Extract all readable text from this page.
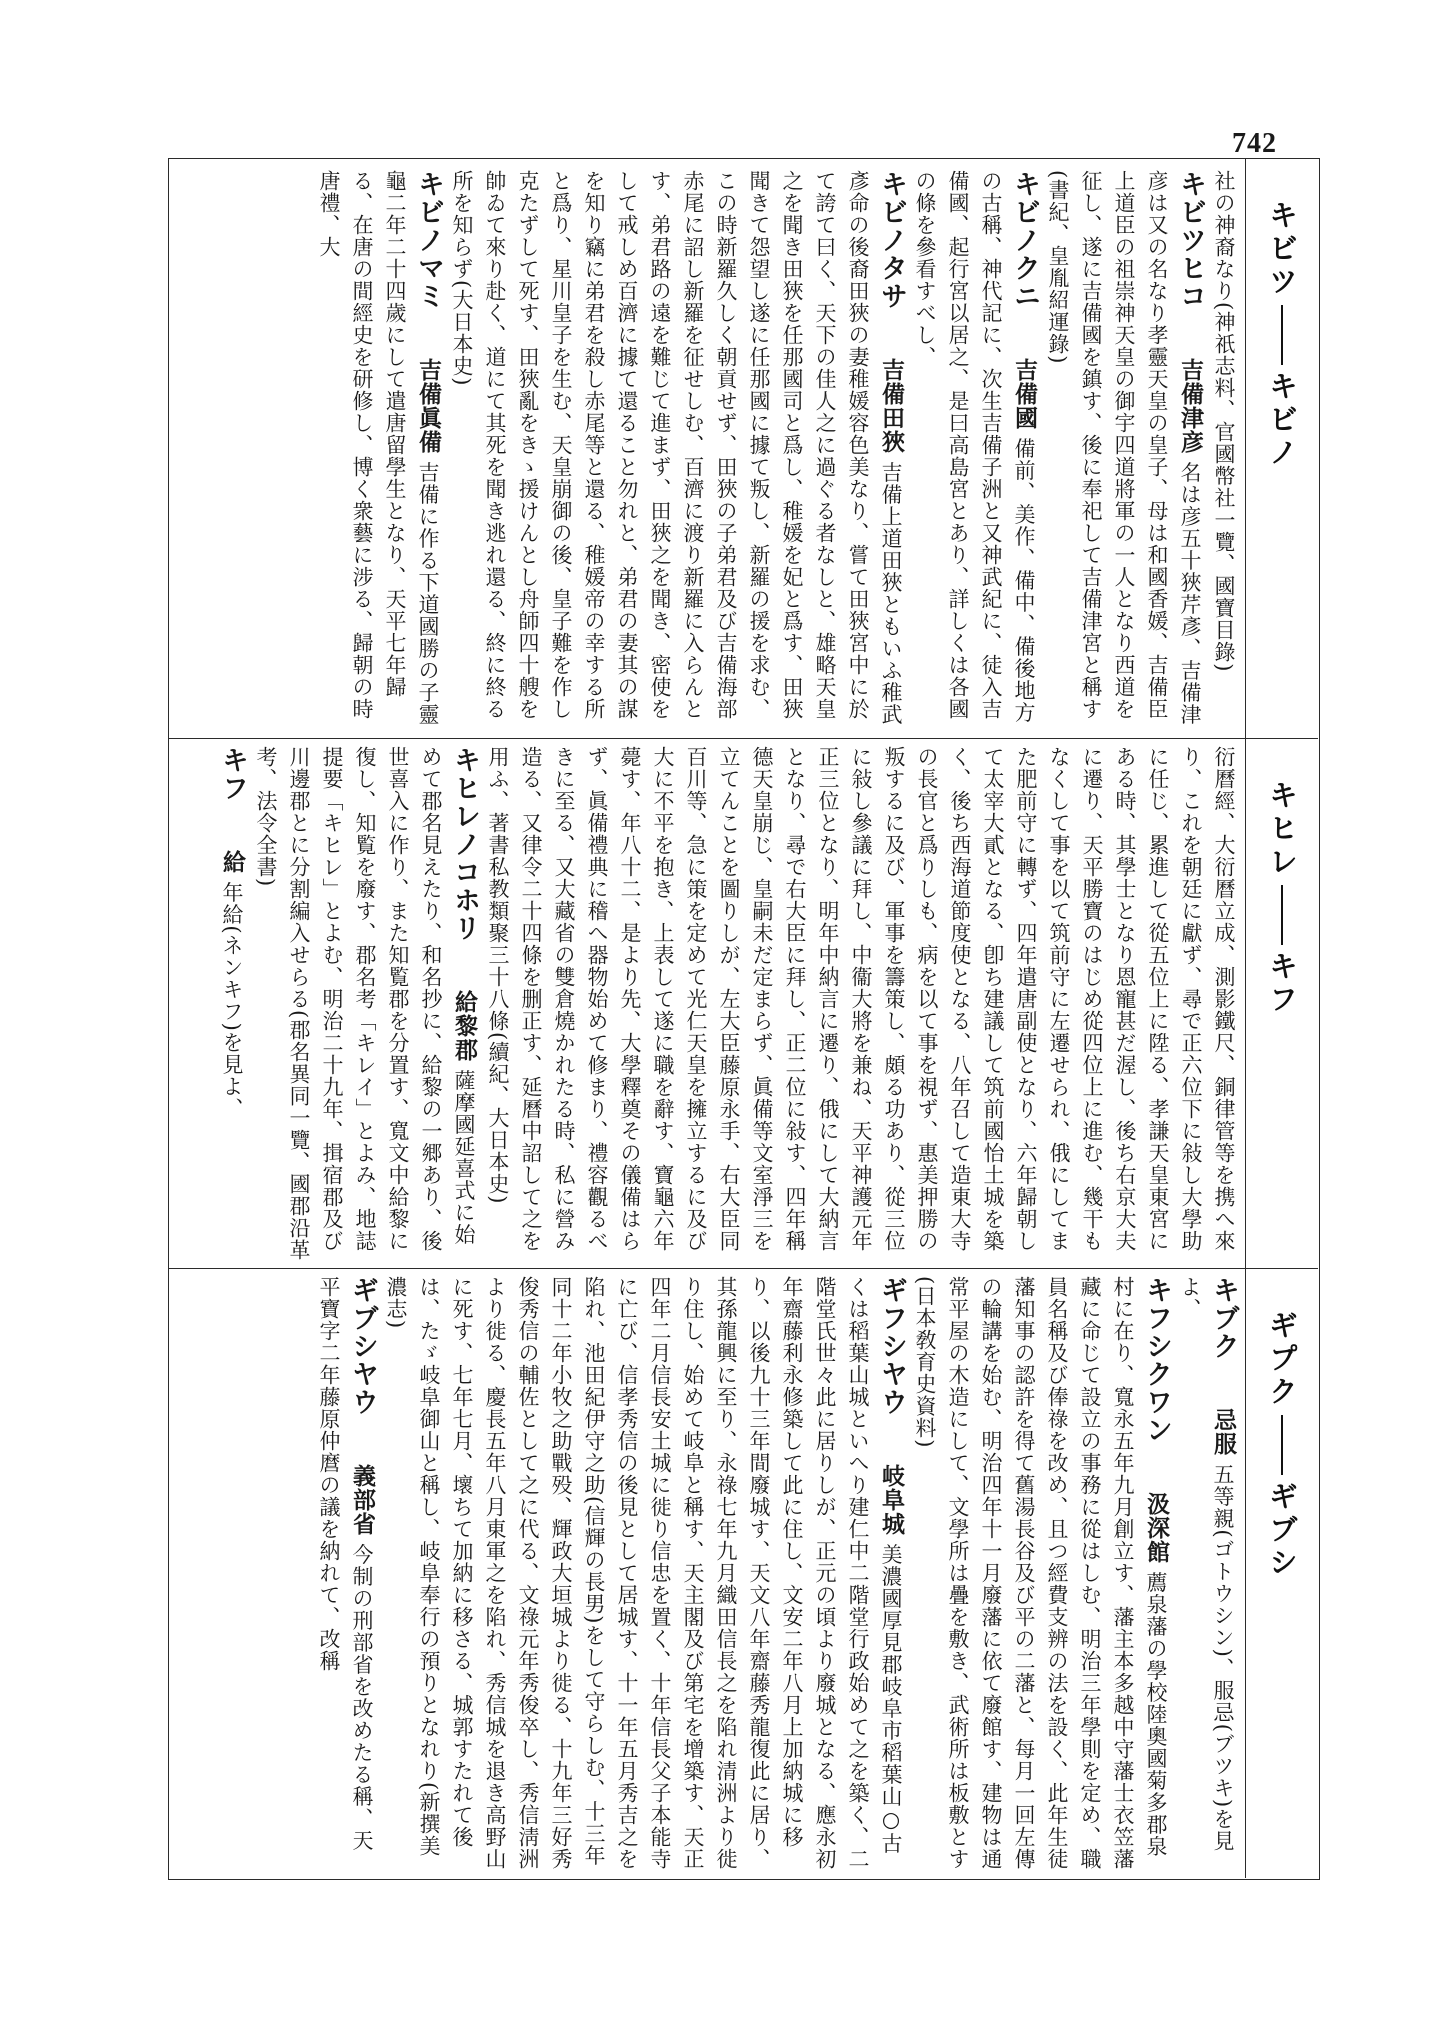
742
キビツキビノ
キヒレキフ
ギプクギブシ

社の神裔なり(神祇志料、官國幣社一覽、國寶目錄)

キビツヒコ 吉備津彦 名は彦五十狹芹彥、吉備津彦は又の名なり孝靈天皇の皇子、母は和國香媛、吉備臣上道臣の祖崇神天皇の御宇四道將軍の一人となり西道を征し、遂に吉備國を鎮す、後に奉祀して吉備津宮と稱す(書紀、皇胤紹運錄)

キビノクニ 吉備國 備前、美作、備中、備後地方の古稱、神代記に、次生吉備子洲と又神武紀に、徒入吉備國、起行宮以居之、是曰高島宮とあり、詳しくは各國の條を參看すべし、

キビノタサ 吉備田狹 吉備上道田狹ともいふ稚武彥命の後裔田狹の妻稚媛容色美なり、嘗て田狹宮中に於て誇て曰く、天下の佳人之に過ぐる者なしと、雄略天皇之を聞き田狹を任那國司と爲し、稚媛を妃と爲す、田狹聞きて怨望し遂に任那國に據て叛し、新羅の援を求む、この時新羅久しく朝貢せず、田狹の子弟君及び吉備海部赤尾に詔し新羅を征せしむ、百濟に渡り新羅に入らんとす、弟君路の遠を難じて進まず、田狹之を聞き、密使をして戒しめ百濟に據て還ること勿れと、弟君の妻其の謀を知り竊に弟君を殺し赤尾等と還る、稚媛帝の幸する所と爲り、星川皇子を生む、天皇崩御の後、皇子難を作し克たずして死す、田狹亂をきゝ援けんとし舟師四十艘を帥ゐて來り赴く、道にて其死を聞き逃れ還る、終に終る所を知らず(大日本史)

キビノマミ 吉備眞備 吉備に作る下道國勝の子靈龜二年二十四歲にして遣唐留學生となり、天平七年歸る、在唐の間經史を研修し、博く衆藝に涉る、歸朝の時唐禮、大

衍曆經、大衍曆立成、測影鐵尺、銅律管等を携へ來り、これを朝廷に獻ず、尋で正六位下に敍し大學助に任じ、累進して從五位上に陞る、孝謙天皇東宮にある時、其學士となり恩寵甚だ渥し、後ち右京大夫に遷り、天平勝寶のはじめ從四位上に進む、幾干もなくして事を以て筑前守に左遷せられ、俄にしてまた肥前守に轉ず、四年遣唐副使となり、六年歸朝して太宰大貳となる、卽ち建議して筑前國怡土城を築く、後ち西海道節度使となる、八年召して造東大寺の長官と爲りしも、病を以て事を視ず、惠美押勝の叛するに及び、軍事を籌策し、頗る功あり、從三位に敍し參議に拜し、中衞大將を兼ね、天平神護元年正三位となり、明年中納言に遷り、俄にして大納言となり、尋で右大臣に拜し、正二位に敍す、四年稱德天皇崩じ、皇嗣未だ定まらず、眞備等文室淨三を立てんことを圖りしが、左大臣藤原永手、右大臣同百川等、急に策を定めて光仁天皇を擁立するに及び大に不平を抱き、上表して遂に職を辭す、寶龜六年薨す、年八十二、是より先、大學釋奠その儀備はらず、眞備禮典に稽へ器物始めて修まり、禮容觀るべきに至る、又大藏省の雙倉燒かれたる時、私に營み造る、又律令二十四條を删正す、延曆中詔して之を用ふ、著書私教類聚三十八條(續紀、大日本史)

キヒレノコホリ 給黎郡 薩摩國延喜式に始めて郡名見えたり、和名抄に、給黎の一郷あり、後世喜入に作り、また知覧郡を分置す、寬文中給黎に復し、知覧を廢す、郡名考「キレイ」とよみ、地誌提要「キヒレ」とよむ、明治二十九年、揖宿郡及び川邊郡とに分割編入せらる(郡名異同一覽、國郡沿革考、法令全書)

キフ 給 年給(ネンキフ)を見よ、

キブク 忌服 五等親(ゴトウシン)、服忌(ブツキ)を見よ、

キフシクワン 汲深館 薦泉藩の學校陸奧國菊多郡泉村に在り、寬永五年九月創立す、藩主本多越中守藩士衣笠藩藏に命じて設立の事務に從はしむ、明治三年學則を定め、職員名稱及び俸祿を改め、且つ經費支辨の法を設く、此年生徒藩知事の認許を得て舊湯長谷及び平の二藩と、每月一回左傳の輪講を始む、明治四年十一月廢藩に依て廢館す、建物は通常平屋の木造にして、文學所は疊を敷き、武術所は板敷とす(日本敎育史資料)

ギフシヤウ 岐阜城 美濃國厚見郡岐阜市稻葉山○古くは稻葉山城といへり建仁中二階堂行政始めて之を築く、二階堂氏世々此に居りしが、正元の頃より廢城となる、應永初年齋藤利永修築して此に住し、文安二年八月上加納城に移り、以後九十三年間廢城す、天文八年齋藤秀龍復此に居り、其孫龍興に至り、永祿七年九月織田信長之を陷れ清洲より徙り住し、始めて岐阜と稱す、天主閣及び第宅を增築す、天正四年二月信長安土城に徙り信忠を置く、十年信長父子本能寺に亡び、信孝秀信の後見として居城す、十一年五月秀吉之を陷れ、池田紀伊守之助(信輝の長男)をして守らしむ、十三年同十二年小牧之助戰殁、輝政大垣城より徙る、十九年三好秀俊秀信の輔佐として之に代る、文祿元年秀俊卒し、秀信淸洲より徙る、慶長五年八月東軍之を陷れ、秀信城を退き高野山に死す、七年七月、壞ちて加納に移さる、城郭すたれて後は、たゞ岐阜御山と稱し、岐阜奉行の預りとなれり(新撰美濃志)

ギブシヤウ 義部省 今制の刑部省を改めたる稱、天平寶字二年藤原仲麿の議を納れて、改稱
